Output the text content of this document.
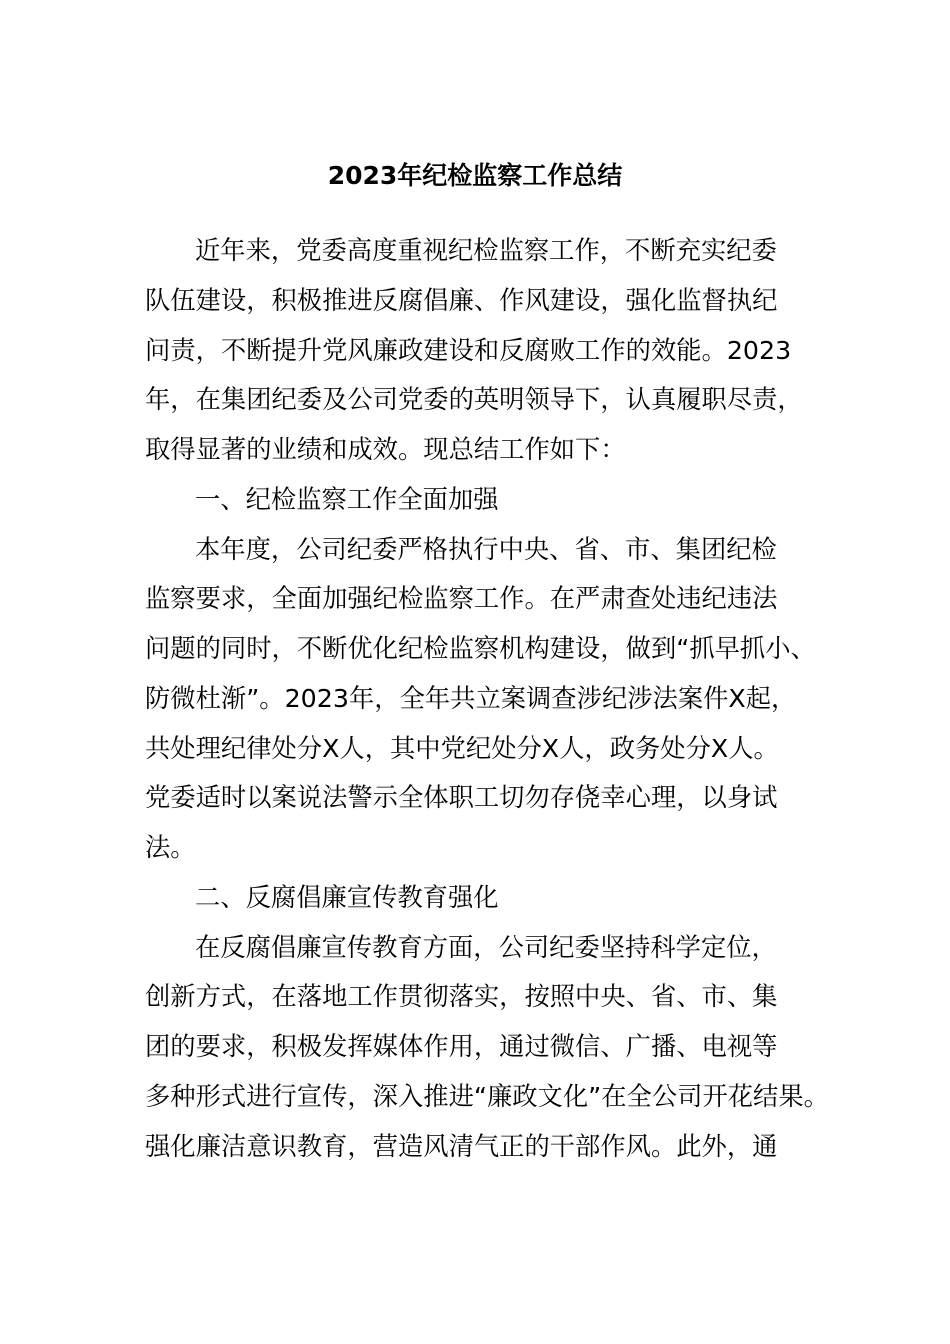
2023年纪检监察工作总结
近年来，党委高度重视纪检监察工作，不断充实纪委
队伍建设，积极推进反腐倡廉、作风建设，强化监督执纪
问责，不断提升党风廉政建设和反腐败工作的效能。2023
年，在集团纪委及公司党委的英明领导下，认真履职尽责，
取得显著的业绩和成效。现总结工作如下：
一、纪检监察工作全面加强
本年度，公司纪委严格执行中央、省、市、集团纪检
监察要求，全面加强纪检监察工作。在严肃查处违纪违法
问题的同时，不断优化纪检监察机构建设，做到“抓早抓小、
防微杜渐”。2023年，全年共立案调查涉纪涉法案件X起，
共处理纪律处分X人，其中党纪处分X人，政务处分X人。
党委适时以案说法警示全体职工切勿存侥幸心理，以身试
法。
二、反腐倡廉宣传教育强化
在反腐倡廉宣传教育方面，公司纪委坚持科学定位，
创新方式，在落地工作贯彻落实，按照中央、省、市、集
团的要求，积极发挥媒体作用，通过微信、广播、电视等
多种形式进行宣传，深入推进“廉政文化”在全公司开花结果。
强化廉洁意识教育，营造风清气正的干部作风。此外，通
